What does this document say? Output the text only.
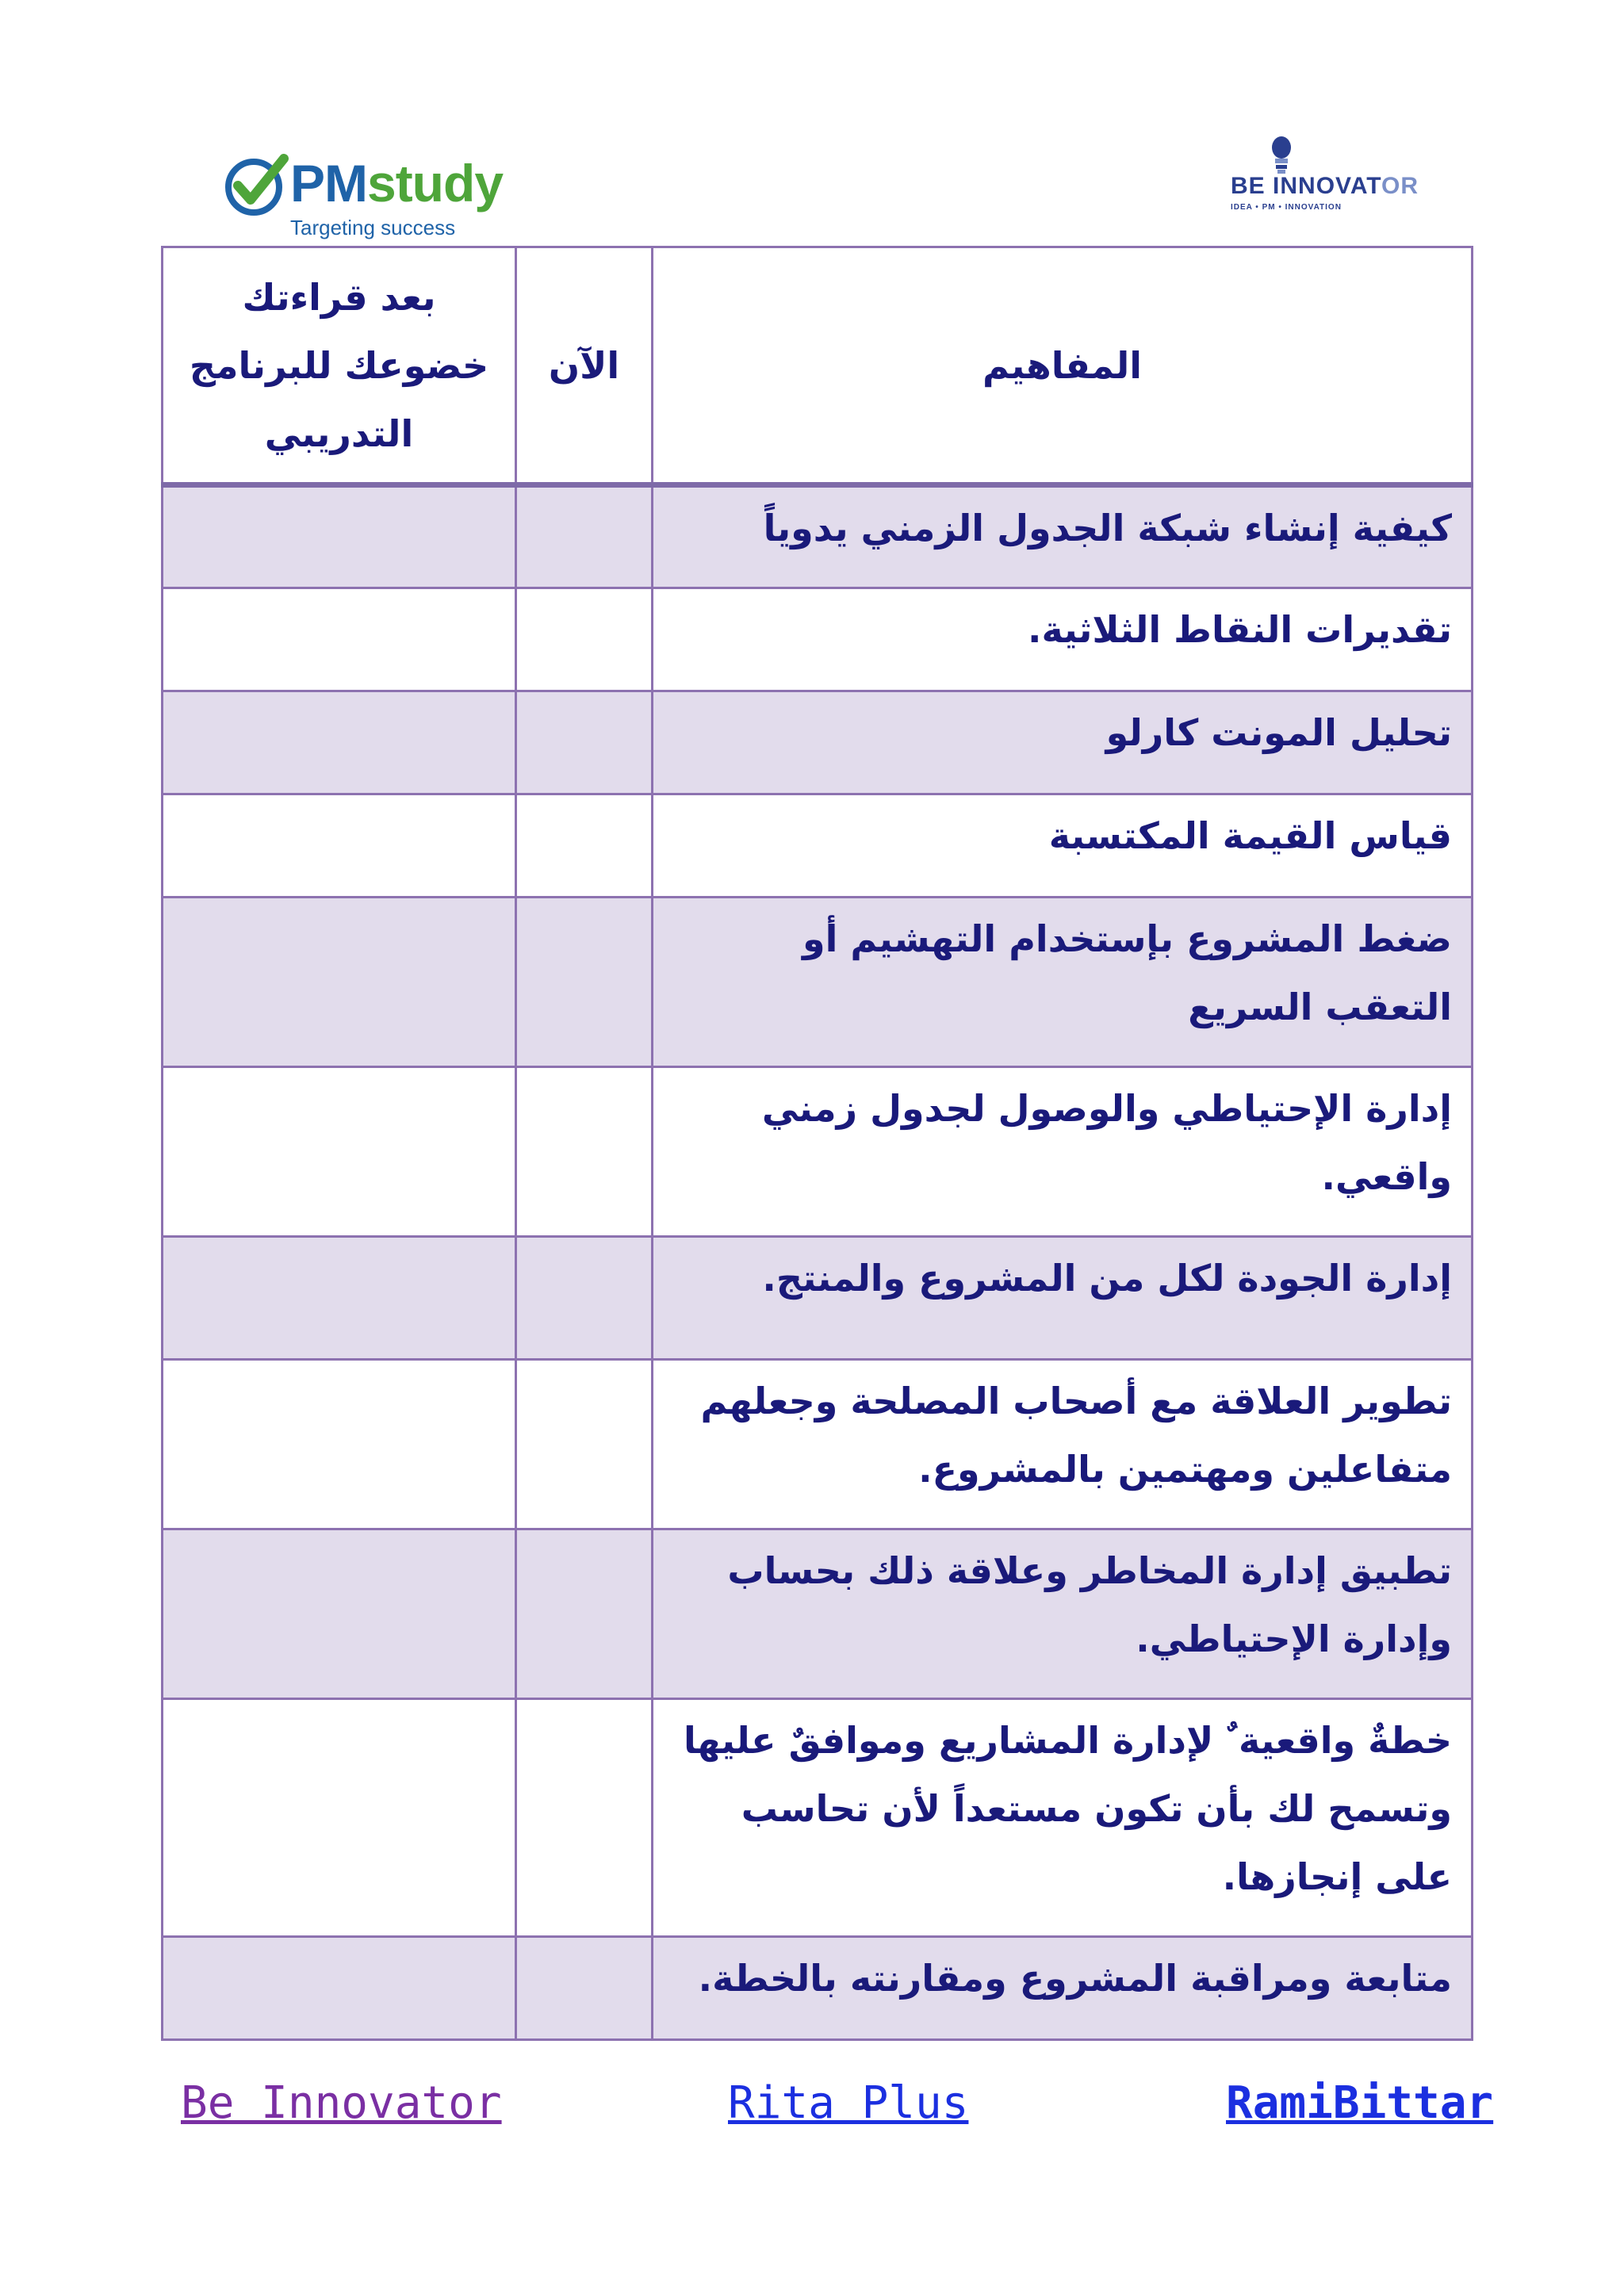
PMstudy
Targeting success
BE INNOVATOR
IDEA • PM • INNOVATION
بعد قراءتك
خضوعك للبرنامج
التدريبي	الآن	المفاهيم
		كيفية إنشاء شبكة الجدول الزمني يدوياً
		تقديرات النقاط الثلاثية.
		تحليل المونت كارلو
		قياس القيمة المكتسبة
		ضغط المشروع بإستخدام التهشيم أو التعقب السريع
		إدارة الإحتياطي والوصول لجدول زمني واقعي.
		إدارة الجودة لكل من المشروع والمنتج.
		تطوير العلاقة مع أصحاب المصلحة وجعلهم متفاعلين ومهتمين بالمشروع.
		تطبيق إدارة المخاطر وعلاقة ذلك بحساب وإدارة الإحتياطي.
		خطةٌ واقعية ٌ لإدارة المشاريع وموافقٌ عليها وتسمح لك بأن تكون مستعداً لأن تحاسب على إنجازها.
		متابعة ومراقبة المشروع ومقارنته بالخطة.
Be Innovator	Rita Plus	RamiBittar
